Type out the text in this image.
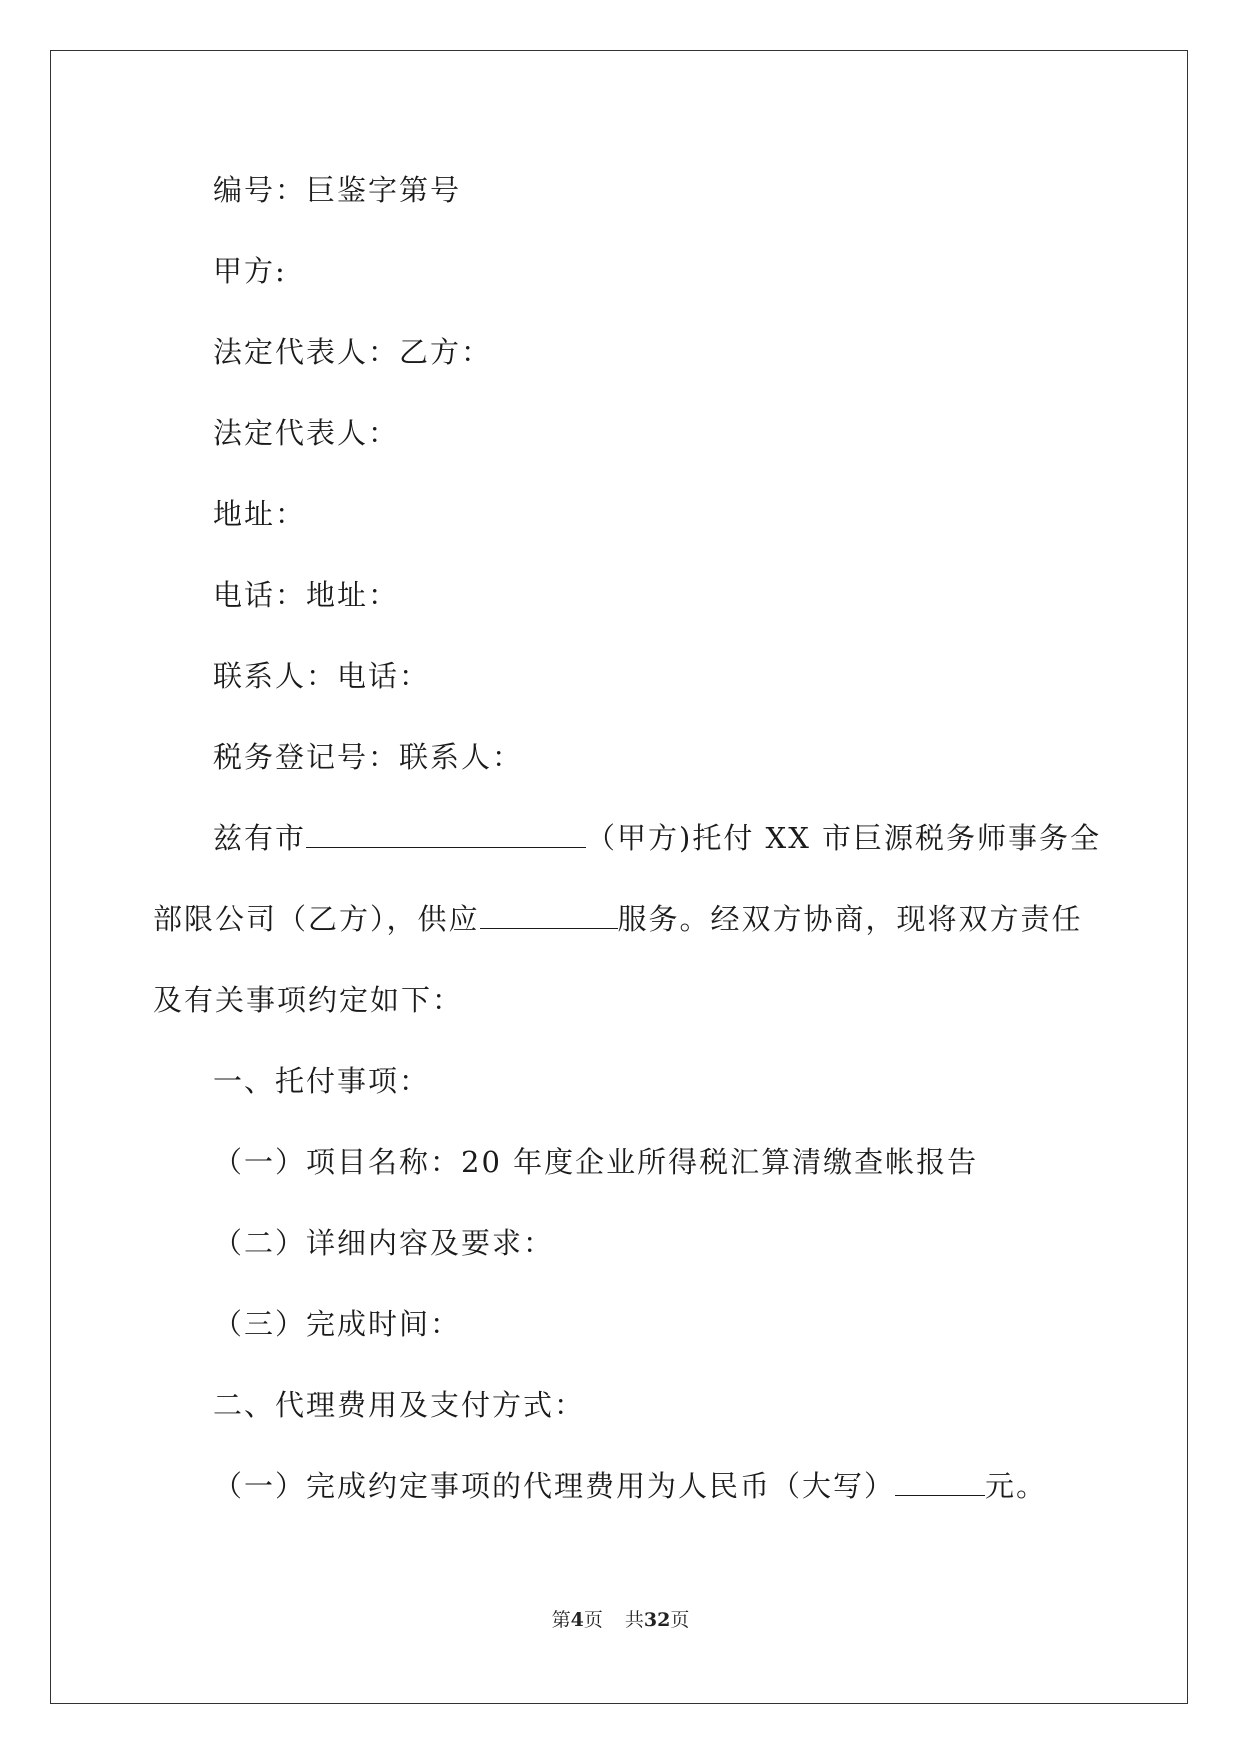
编号：巨鉴字第号
甲方:
法定代表人：乙方：
法定代表人：
地址：
电话：地址：
联系人：电话：
税务登记号：联系人：
兹有市	（甲方)托付 XX 市巨源税务师事务全
部限公司（乙方），供应	服务。经双方协商，现将双方责任
及有关事项约定如下：
一、托付事项：
（一）项目名称：20 年度企业所得税汇算清缴查帐报告
（二）详细内容及要求：
（三）完成时间：
二、代理费用及支付方式：
（一）完成约定事项的代理费用为人民币（大写）	元。
第4页 共32页
